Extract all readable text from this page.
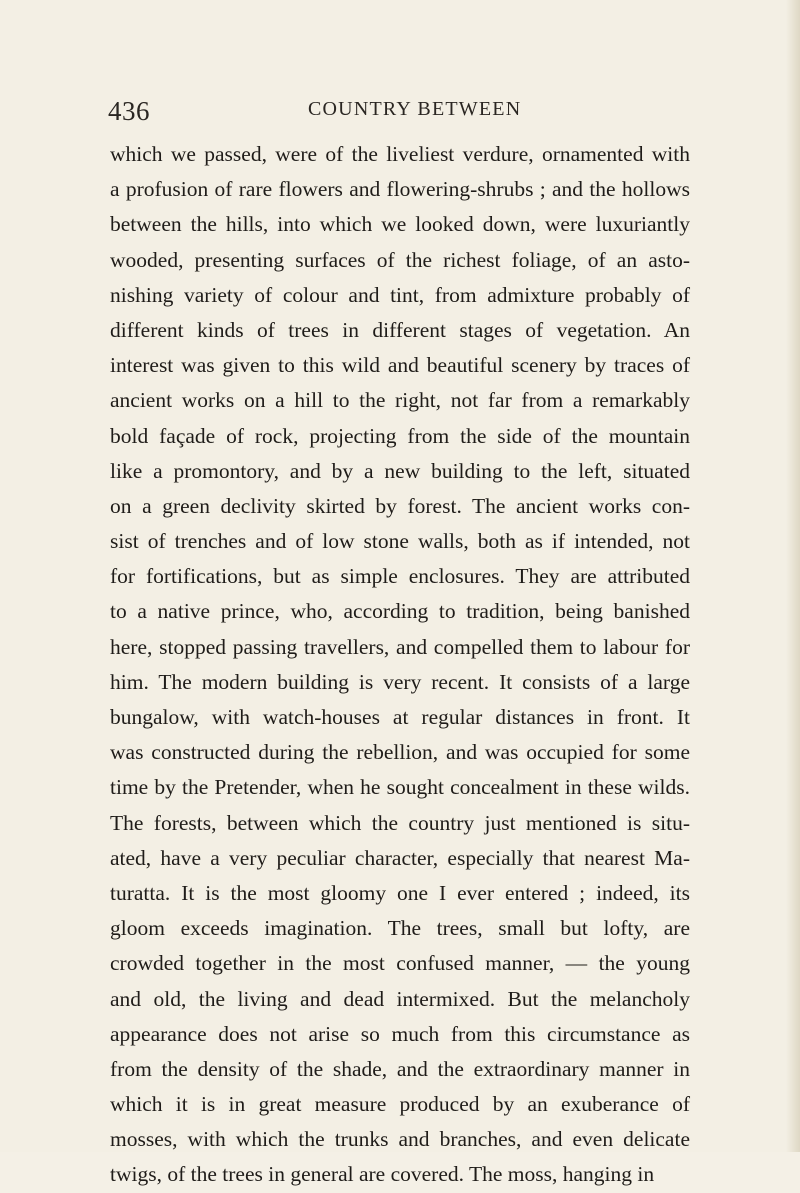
436	COUNTRY BETWEEN
which we passed, were of the liveliest verdure, ornamented with
a profusion of rare flowers and flowering-shrubs ; and the hollows
between the hills, into which we looked down, were luxuriantly
wooded, presenting surfaces of the richest foliage, of an asto-
nishing variety of colour and tint, from admixture probably of
different kinds of trees in different stages of vegetation. An
interest was given to this wild and beautiful scenery by traces of
ancient works on a hill to the right, not far from a remarkably
bold façade of rock, projecting from the side of the mountain
like a promontory, and by a new building to the left, situated
on a green declivity skirted by forest. The ancient works con-
sist of trenches and of low stone walls, both as if intended, not
for fortifications, but as simple enclosures. They are attributed
to a native prince, who, according to tradition, being banished
here, stopped passing travellers, and compelled them to labour for
him. The modern building is very recent. It consists of a large
bungalow, with watch-houses at regular distances in front. It
was constructed during the rebellion, and was occupied for some
time by the Pretender, when he sought concealment in these wilds.
The forests, between which the country just mentioned is situ-
ated, have a very peculiar character, especially that nearest Ma-
turatta. It is the most gloomy one I ever entered ; indeed, its
gloom exceeds imagination. The trees, small but lofty, are
crowded together in the most confused manner, — the young
and old, the living and dead intermixed. But the melancholy
appearance does not arise so much from this circumstance as
from the density of the shade, and the extraordinary manner in
which it is in great measure produced by an exuberance of
mosses, with which the trunks and branches, and even delicate
twigs, of the trees in general are covered. The moss, hanging in
